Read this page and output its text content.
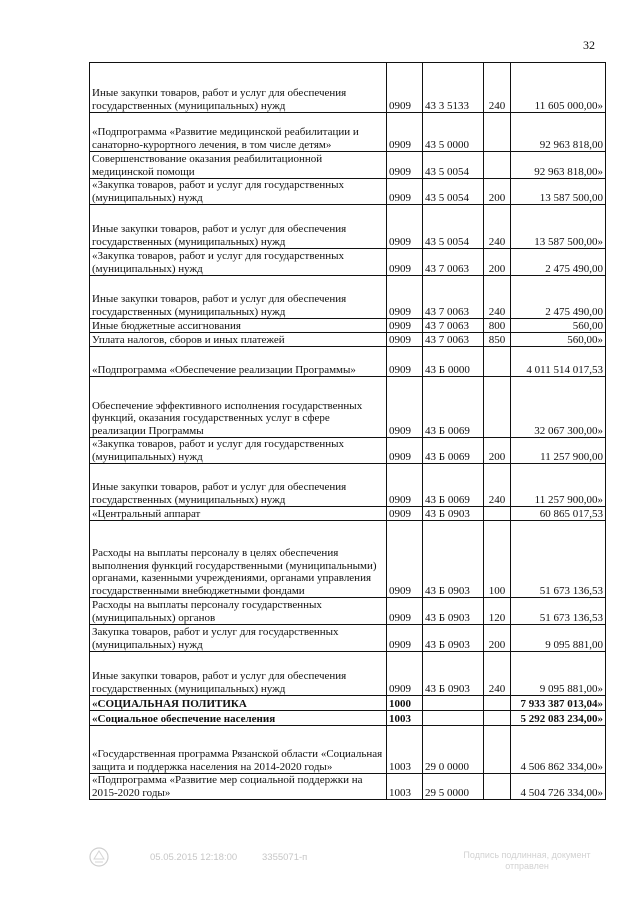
32
Иные закупки товаров, работ и услуг для обеспечения государственных (муниципальных) нужд	0909	43 3 5133	240	11 605 000,00»
«Подпрограмма «Развитие медицинской реабилитации и санаторно-курортного лечения, в том числе детям»	0909	43 5 0000		92 963 818,00
Совершенствование оказания реабилитационной медицинской помощи	0909	43 5 0054		92 963 818,00»
«Закупка товаров, работ и услуг для государственных (муниципальных) нужд	0909	43 5 0054	200	13 587 500,00
Иные закупки товаров, работ и услуг для обеспечения государственных (муниципальных) нужд	0909	43 5 0054	240	13 587 500,00»
«Закупка товаров, работ и услуг для государственных (муниципальных) нужд	0909	43 7 0063	200	2 475 490,00
Иные закупки товаров, работ и услуг для обеспечения государственных (муниципальных) нужд	0909	43 7 0063	240	2 475 490,00
Иные бюджетные ассигнования	0909	43 7 0063	800	560,00
Уплата налогов, сборов и иных платежей	0909	43 7 0063	850	560,00»
«Подпрограмма «Обеспечение реализации Программы»	0909	43 Б 0000		4 011 514 017,53
Обеспечение эффективного исполнения государственных функций, оказания государственных услуг в сфере реализации Программы	0909	43 Б 0069		32 067 300,00»
«Закупка товаров, работ и услуг для государственных (муниципальных) нужд	0909	43 Б 0069	200	11 257 900,00
Иные закупки товаров, работ и услуг для обеспечения государственных (муниципальных) нужд	0909	43 Б 0069	240	11 257 900,00»
«Центральный аппарат	0909	43 Б 0903		60 865 017,53
Расходы на выплаты персоналу в целях обеспечения выполнения функций государственными (муниципальными) органами, казенными учреждениями, органами управления государственными внебюджетными фондами	0909	43 Б 0903	100	51 673 136,53
Расходы на выплаты персоналу государственных (муниципальных) органов	0909	43 Б 0903	120	51 673 136,53
Закупка товаров, работ и услуг для государственных (муниципальных) нужд	0909	43 Б 0903	200	9 095 881,00
Иные закупки товаров, работ и услуг для обеспечения государственных (муниципальных) нужд	0909	43 Б 0903	240	9 095 881,00»
«СОЦИАЛЬНАЯ ПОЛИТИКА	1000			7 933 387 013,04»
«Социальное обеспечение населения	1003			5 292 083 234,00»
«Государственная программа Рязанской области «Социальная защита и поддержка населения на 2014-2020 годы»	1003	29 0 0000		4 506 862 334,00»
«Подпрограмма «Развитие мер социальной поддержки на 2015-2020 годы»	1003	29 5 0000		4 504 726 334,00»
05.05.2015 12:18:00	3355071-п	Подпись подлинная, документ отправлен
